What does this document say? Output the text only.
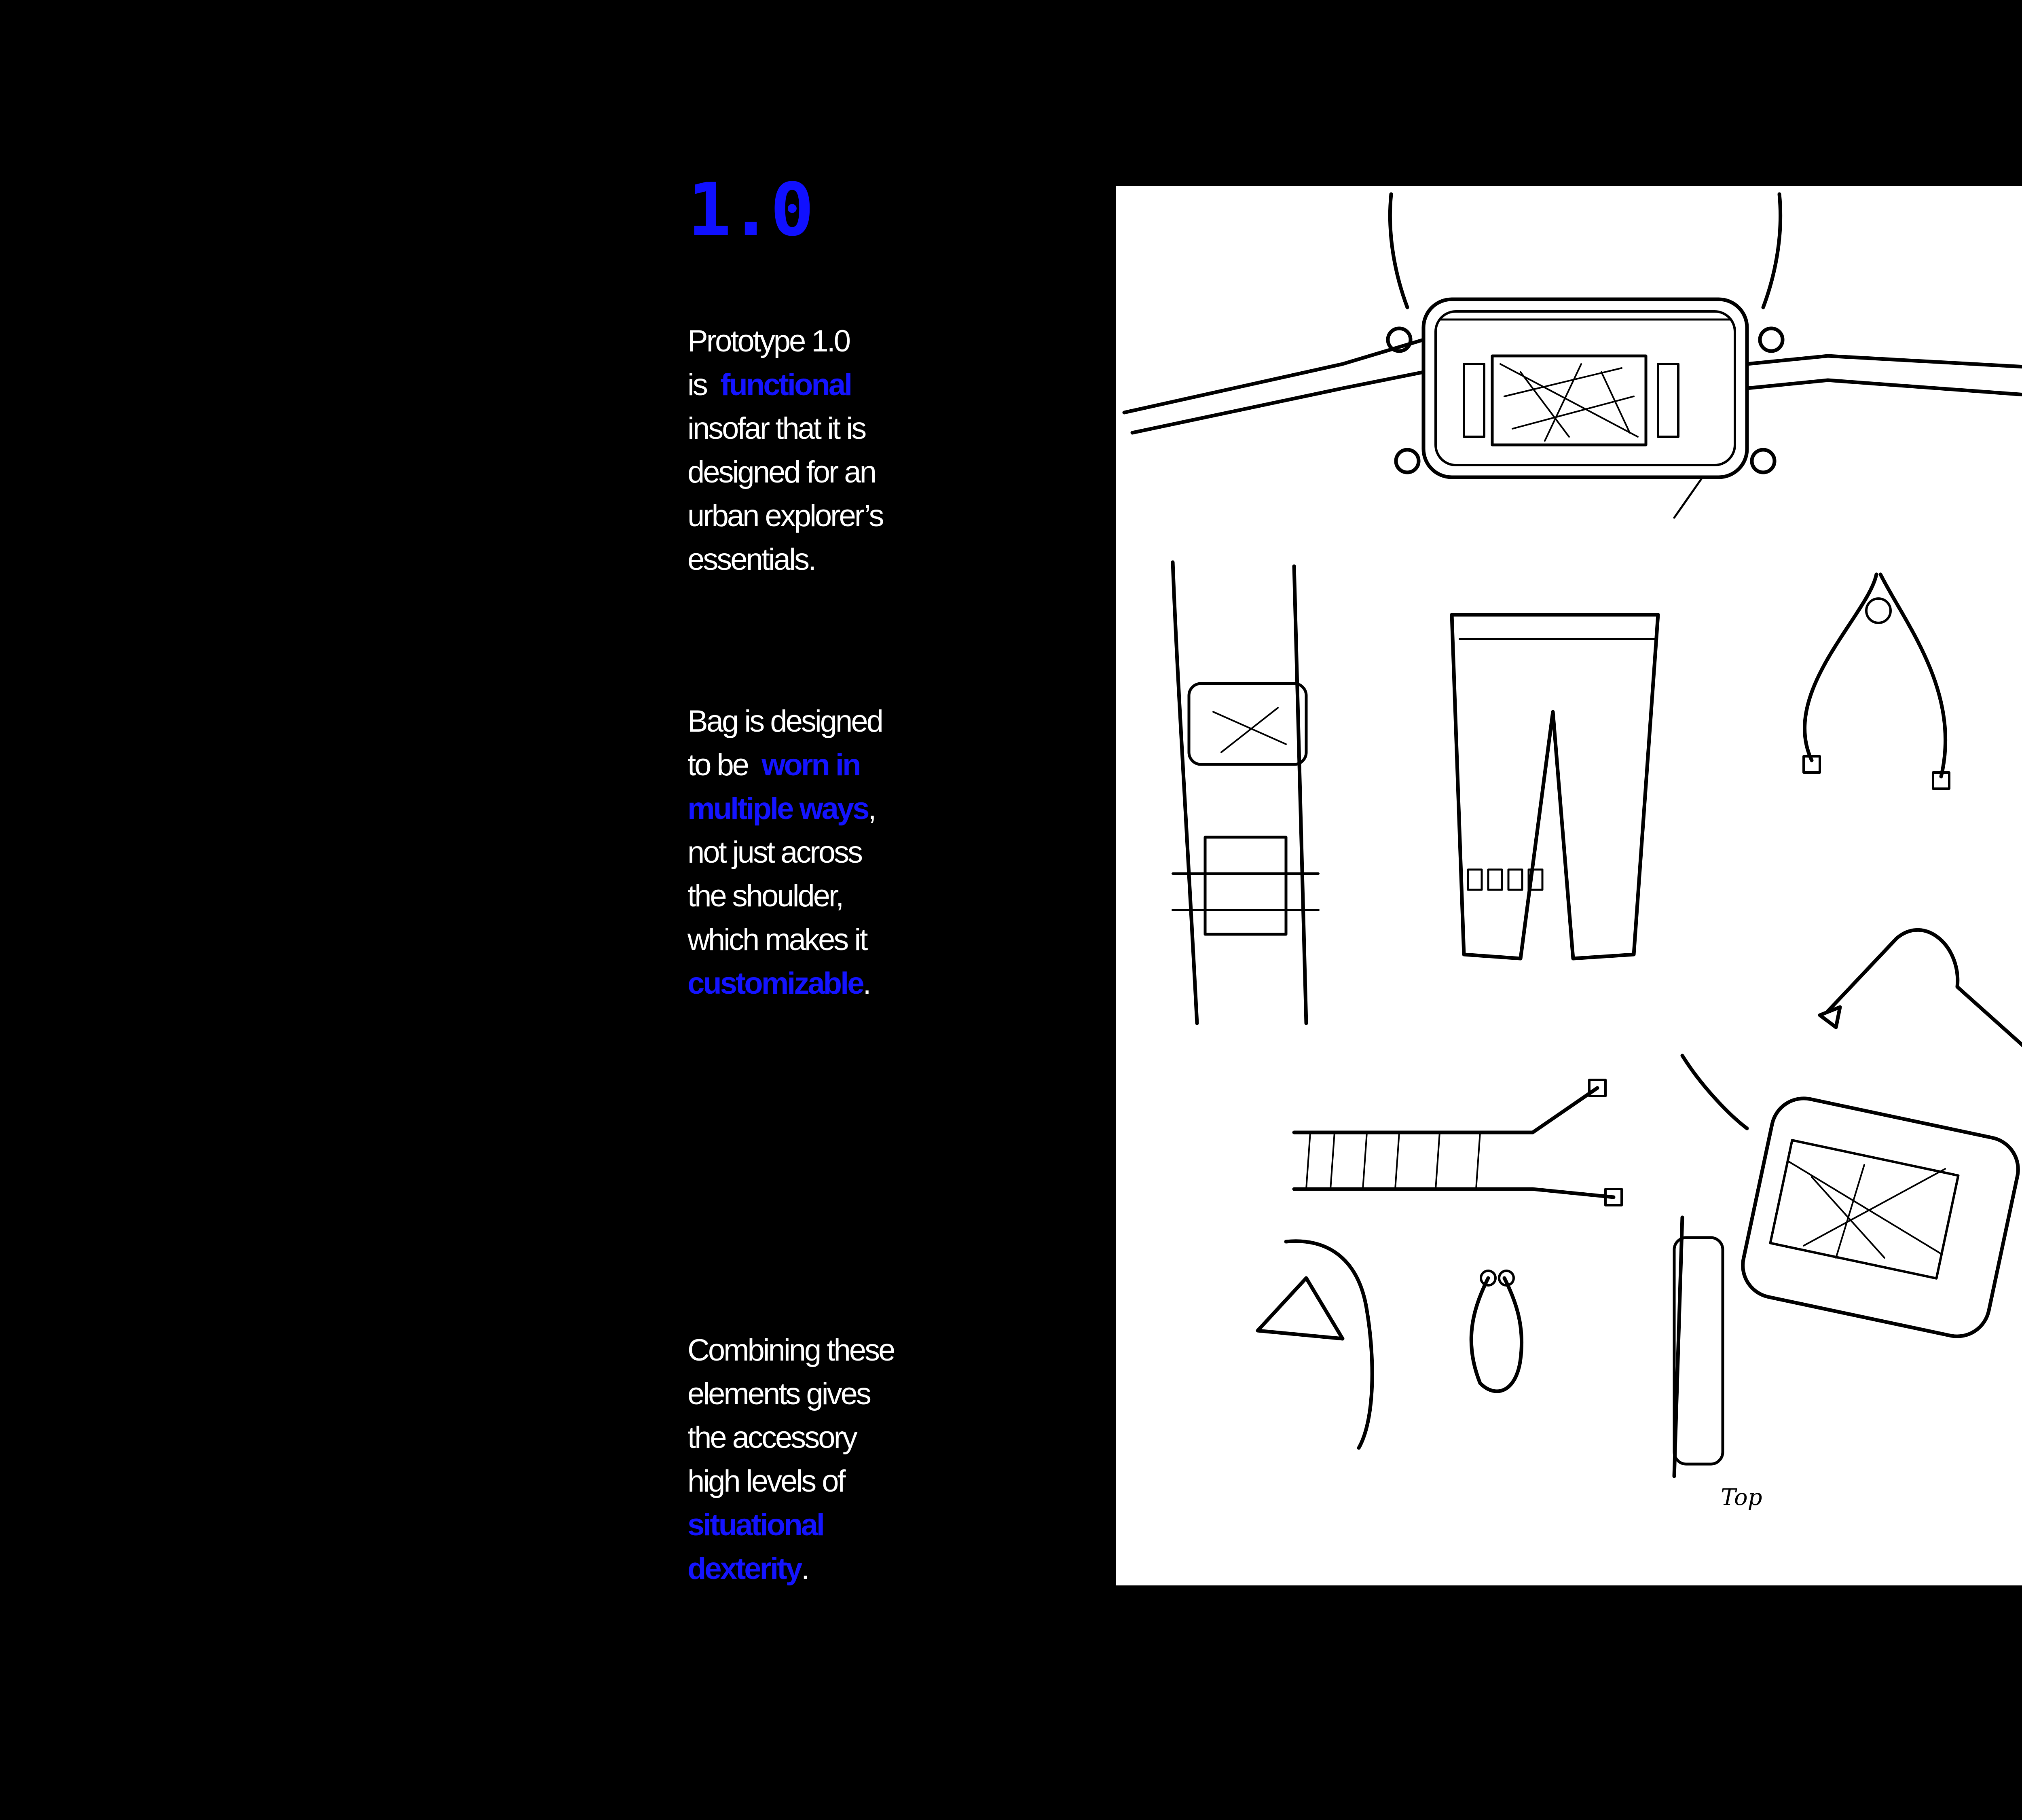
1.0
Prototype 1.0
is  functional
insofar that it is
designed for an
urban explorer’s
essentials.
Bag is designed
to be  worn in
multiple ways,
not just across
the shoulder,
which makes it
customizable.
Combining these
elements gives
the accessory
high levels of
situational
dexterity.
Top
